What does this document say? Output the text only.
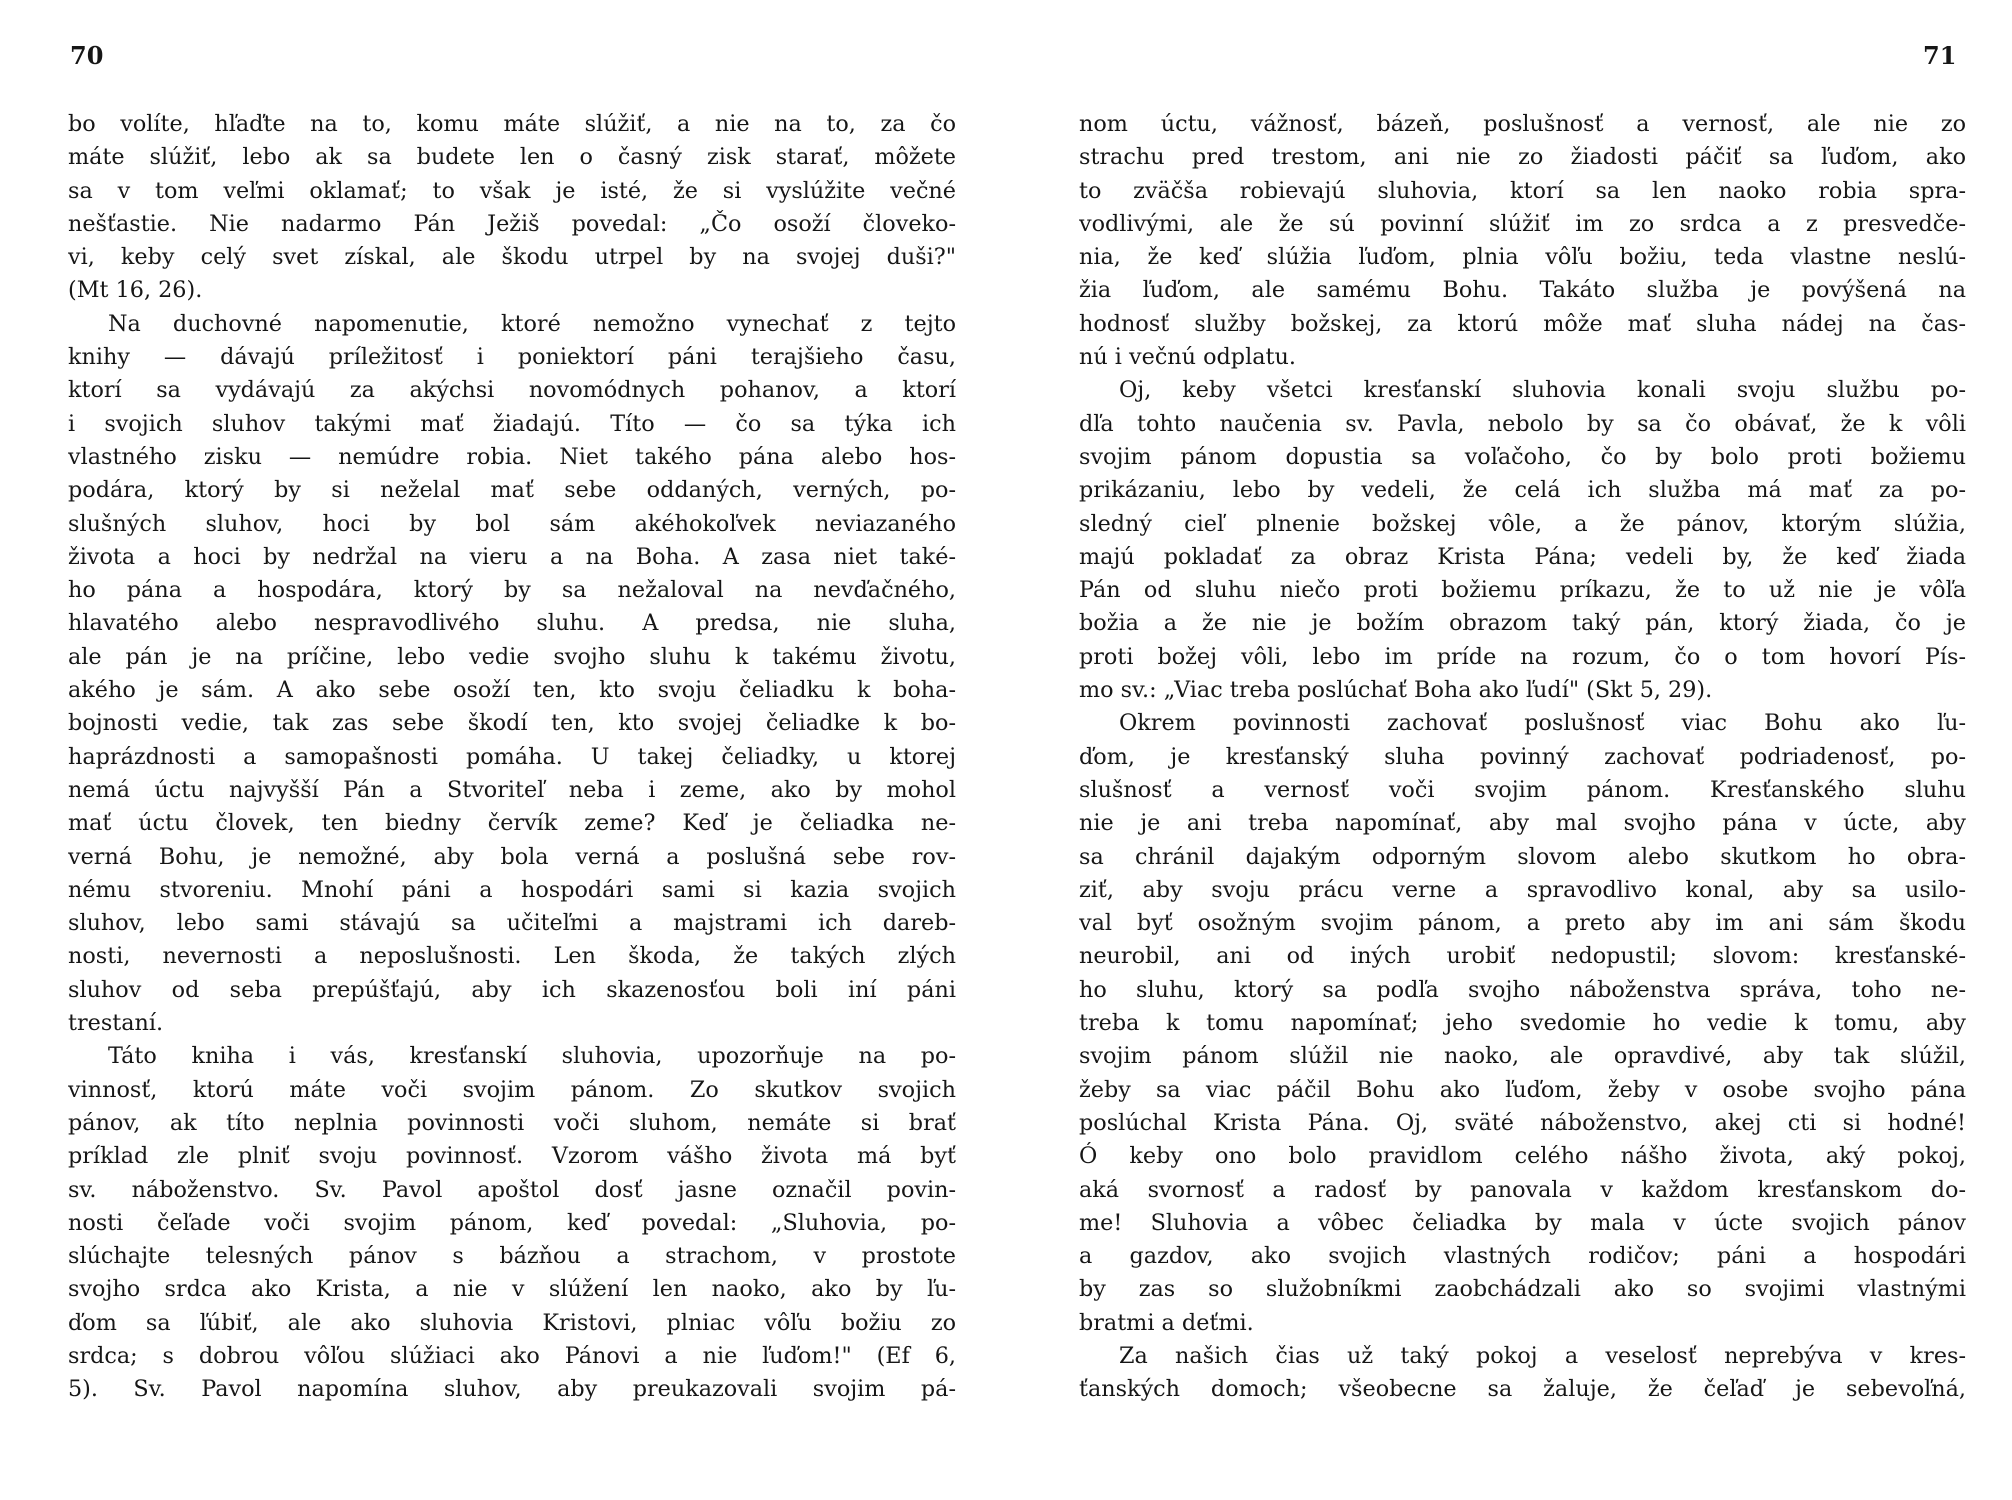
70

bo volíte, hľaďte na to, komu máte slúžiť, a nie na to, za čo
máte slúžiť, lebo ak sa budete len o časný zisk starať, môžete
sa v tom veľmi oklamať; to však je isté, že si vyslúžite večné
nešťastie. Nie nadarmo Pán Ježiš povedal: „Čo osoží človeko-
vi, keby celý svet získal, ale škodu utrpel by na svojej duši?"
(Mt 16, 26).
Na duchovné napomenutie, ktoré nemožno vynechať z tejto
knihy — dávajú príležitosť i poniektorí páni terajšieho času,
ktorí sa vydávajú za akýchsi novomódnych pohanov, a ktorí
i svojich sluhov takými mať žiadajú. Títo — čo sa týka ich
vlastného zisku — nemúdre robia. Niet takého pána alebo hos-
podára, ktorý by si neželal mať sebe oddaných, verných, po-
slušných sluhov, hoci by bol sám akéhokoľvek neviazaného
života a hoci by nedržal na vieru a na Boha. A zasa niet také-
ho pána a hospodára, ktorý by sa nežaloval na nevďačného,
hlavatého alebo nespravodlivého sluhu. A predsa, nie sluha,
ale pán je na príčine, lebo vedie svojho sluhu k takému životu,
akého je sám. A ako sebe osoží ten, kto svoju čeliadku k boha-
bojnosti vedie, tak zas sebe škodí ten, kto svojej čeliadke k bo-
haprázdnosti a samopašnosti pomáha. U takej čeliadky, u ktorej
nemá úctu najvyšší Pán a Stvoriteľ neba i zeme, ako by mohol
mať úctu človek, ten biedny červík zeme? Keď je čeliadka ne-
verná Bohu, je nemožné, aby bola verná a poslušná sebe rov-
nému stvoreniu. Mnohí páni a hospodári sami si kazia svojich
sluhov, lebo sami stávajú sa učiteľmi a majstrami ich dareb-
nosti, nevernosti a neposlušnosti. Len škoda, že takých zlých
sluhov od seba prepúšťajú, aby ich skazenosťou boli iní páni
trestaní.
Táto kniha i vás, kresťanskí sluhovia, upozorňuje na po-
vinnosť, ktorú máte voči svojim pánom. Zo skutkov svojich
pánov, ak títo neplnia povinnosti voči sluhom, nemáte si brať
príklad zle plniť svoju povinnosť. Vzorom vášho života má byť
sv. náboženstvo. Sv. Pavol apoštol dosť jasne označil povin-
nosti čeľade voči svojim pánom, keď povedal: „Sluhovia, po-
slúchajte telesných pánov s bázňou a strachom, v prostote
svojho srdca ako Krista, a nie v slúžení len naoko, ako by ľu-
ďom sa ľúbiť, ale ako sluhovia Kristovi, plniac vôľu božiu zo
srdca; s dobrou vôľou slúžiaci ako Pánovi a nie ľuďom!" (Ef 6,
5). Sv. Pavol napomína sluhov, aby preukazovali svojim pá-

71

nom úctu, vážnosť, bázeň, poslušnosť a vernosť, ale nie zo
strachu pred trestom, ani nie zo žiadosti páčiť sa ľuďom, ako
to zväčša robievajú sluhovia, ktorí sa len naoko robia spra-
vodlivými, ale že sú povinní slúžiť im zo srdca a z presvedče-
nia, že keď slúžia ľuďom, plnia vôľu božiu, teda vlastne neslú-
žia ľuďom, ale samému Bohu. Takáto služba je povýšená na
hodnosť služby božskej, za ktorú môže mať sluha nádej na čas-
nú i večnú odplatu.
Oj, keby všetci kresťanskí sluhovia konali svoju službu po-
dľa tohto naučenia sv. Pavla, nebolo by sa čo obávať, že k vôli
svojim pánom dopustia sa voľačoho, čo by bolo proti božiemu
prikázaniu, lebo by vedeli, že celá ich služba má mať za po-
sledný cieľ plnenie božskej vôle, a že pánov, ktorým slúžia,
majú pokladať za obraz Krista Pána; vedeli by, že keď žiada
Pán od sluhu niečo proti božiemu príkazu, že to už nie je vôľa
božia a že nie je božím obrazom taký pán, ktorý žiada, čo je
proti božej vôli, lebo im príde na rozum, čo o tom hovorí Pís-
mo sv.: „Viac treba poslúchať Boha ako ľudí" (Skt 5, 29).
Okrem povinnosti zachovať poslušnosť viac Bohu ako ľu-
ďom, je kresťanský sluha povinný zachovať podriadenosť, po-
slušnosť a vernosť voči svojim pánom. Kresťanského sluhu
nie je ani treba napomínať, aby mal svojho pána v úcte, aby
sa chránil dajakým odporným slovom alebo skutkom ho obra-
ziť, aby svoju prácu verne a spravodlivo konal, aby sa usilo-
val byť osožným svojim pánom, a preto aby im ani sám škodu
neurobil, ani od iných urobiť nedopustil; slovom: kresťanské-
ho sluhu, ktorý sa podľa svojho náboženstva správa, toho ne-
treba k tomu napomínať; jeho svedomie ho vedie k tomu, aby
svojim pánom slúžil nie naoko, ale opravdivé, aby tak slúžil,
žeby sa viac páčil Bohu ako ľuďom, žeby v osobe svojho pána
poslúchal Krista Pána. Oj, sväté náboženstvo, akej cti si hodné!
Ó keby ono bolo pravidlom celého nášho života, aký pokoj,
aká svornosť a radosť by panovala v každom kresťanskom do-
me! Sluhovia a vôbec čeliadka by mala v úcte svojich pánov
a gazdov, ako svojich vlastných rodičov; páni a hospodári
by zas so služobníkmi zaobchádzali ako so svojimi vlastnými
bratmi a deťmi.
Za našich čias už taký pokoj a veselosť neprebýva v kres-
ťanských domoch; všeobecne sa žaluje, že čeľaď je sebevoľná,
